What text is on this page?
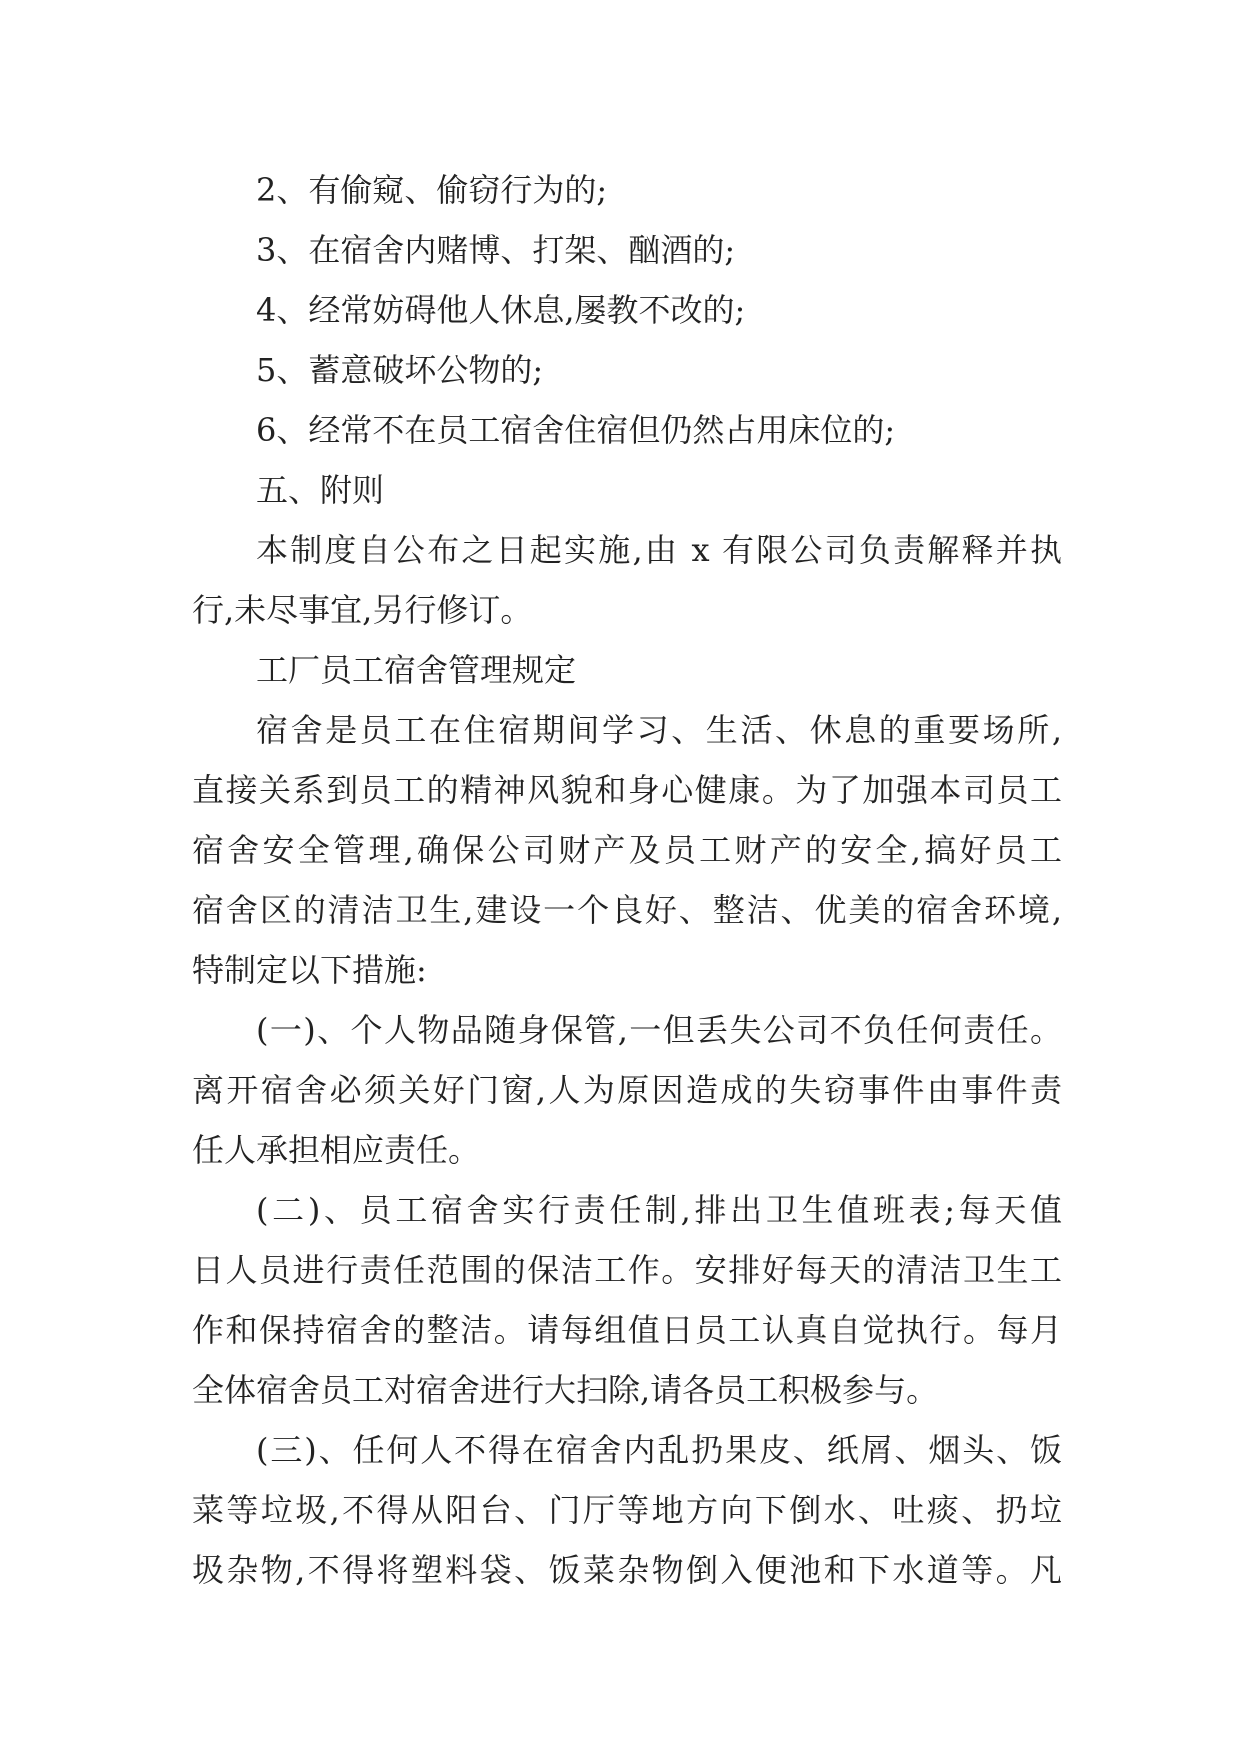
2、有偷窥、偷窃行为的;
3、在宿舍内赌博、打架、酗酒的;
4、经常妨碍他人休息,屡教不改的;
5、蓄意破坏公物的;
6、经常不在员工宿舍住宿但仍然占用床位的;
五、附则
本制度自公布之日起实施,由 x 有限公司负责解释并执
行,未尽事宜,另行修订。
工厂员工宿舍管理规定
宿舍是员工在住宿期间学习、生活、休息的重要场所,
直接关系到员工的精神风貌和身心健康。为了加强本司员工
宿舍安全管理,确保公司财产及员工财产的安全,搞好员工
宿舍区的清洁卫生,建设一个良好、整洁、优美的宿舍环境,
特制定以下措施:
(一)、个人物品随身保管,一但丢失公司不负任何责任。
离开宿舍必须关好门窗,人为原因造成的失窃事件由事件责
任人承担相应责任。
(二)、员工宿舍实行责任制,排出卫生值班表;每天值
日人员进行责任范围的保洁工作。安排好每天的清洁卫生工
作和保持宿舍的整洁。请每组值日员工认真自觉执行。每月
全体宿舍员工对宿舍进行大扫除,请各员工积极参与。
(三)、任何人不得在宿舍内乱扔果皮、纸屑、烟头、饭
菜等垃圾,不得从阳台、门厅等地方向下倒水、吐痰、扔垃
圾杂物,不得将塑料袋、饭菜杂物倒入便池和下水道等。凡
